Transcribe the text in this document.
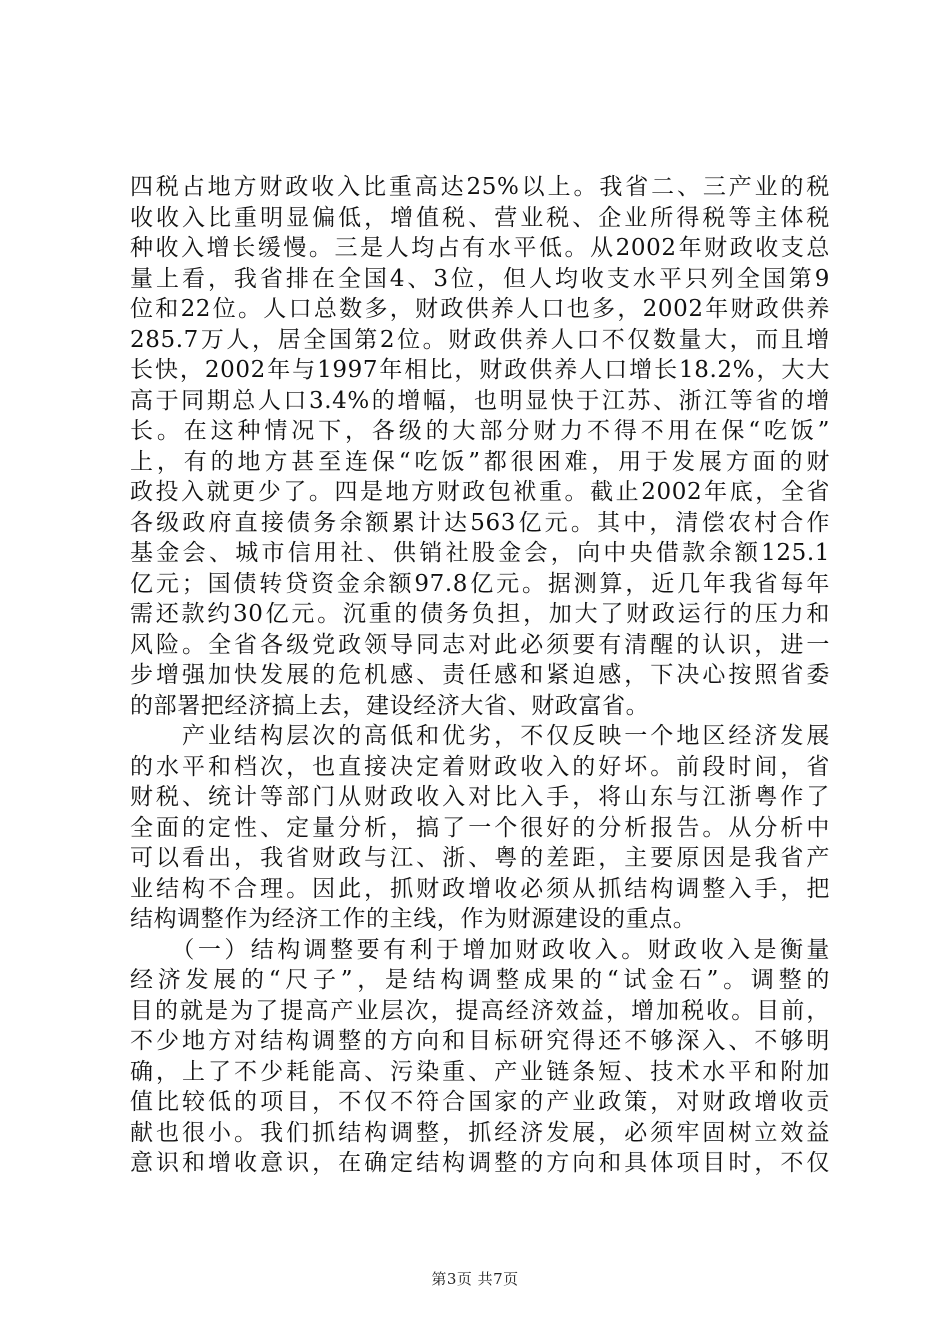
四税占地方财政收入比重高达25%以上。我省二、三产业的税
收收入比重明显偏低，增值税、营业税、企业所得税等主体税
种收入增长缓慢。三是人均占有水平低。从2002年财政收支总
量上看，我省排在全国4、3位，但人均收支水平只列全国第9
位和22位。人口总数多，财政供养人口也多，2002年财政供养
285.7万人，居全国第2位。财政供养人口不仅数量大，而且增
长快，2002年与1997年相比，财政供养人口增长18.2%，大大
高于同期总人口3.4%的增幅，也明显快于江苏、浙江等省的增
长。在这种情况下，各级的大部分财力不得不用在保“吃饭”
上，有的地方甚至连保“吃饭”都很困难，用于发展方面的财
政投入就更少了。四是地方财政包袱重。截止2002年底，全省
各级政府直接债务余额累计达563亿元。其中，清偿农村合作
基金会、城市信用社、供销社股金会，向中央借款余额125.1
亿元；国债转贷资金余额97.8亿元。据测算，近几年我省每年
需还款约30亿元。沉重的债务负担，加大了财政运行的压力和
风险。全省各级党政领导同志对此必须要有清醒的认识，进一
步增强加快发展的危机感、责任感和紧迫感，下决心按照省委
的部署把经济搞上去，建设经济大省、财政富省。
　　产业结构层次的高低和优劣，不仅反映一个地区经济发展
的水平和档次，也直接决定着财政收入的好坏。前段时间，省
财税、统计等部门从财政收入对比入手，将山东与江浙粤作了
全面的定性、定量分析，搞了一个很好的分析报告。从分析中
可以看出，我省财政与江、浙、粤的差距，主要原因是我省产
业结构不合理。因此，抓财政增收必须从抓结构调整入手，把
结构调整作为经济工作的主线，作为财源建设的重点。
　　（一）结构调整要有利于增加财政收入。财政收入是衡量
经济发展的“尺子”，是结构调整成果的“试金石”。调整的
目的就是为了提高产业层次，提高经济效益，增加税收。目前，
不少地方对结构调整的方向和目标研究得还不够深入、不够明
确，上了不少耗能高、污染重、产业链条短、技术水平和附加
值比较低的项目，不仅不符合国家的产业政策，对财政增收贡
献也很小。我们抓结构调整，抓经济发展，必须牢固树立效益
意识和增收意识，在确定结构调整的方向和具体项目时，不仅
第3页 共7页
